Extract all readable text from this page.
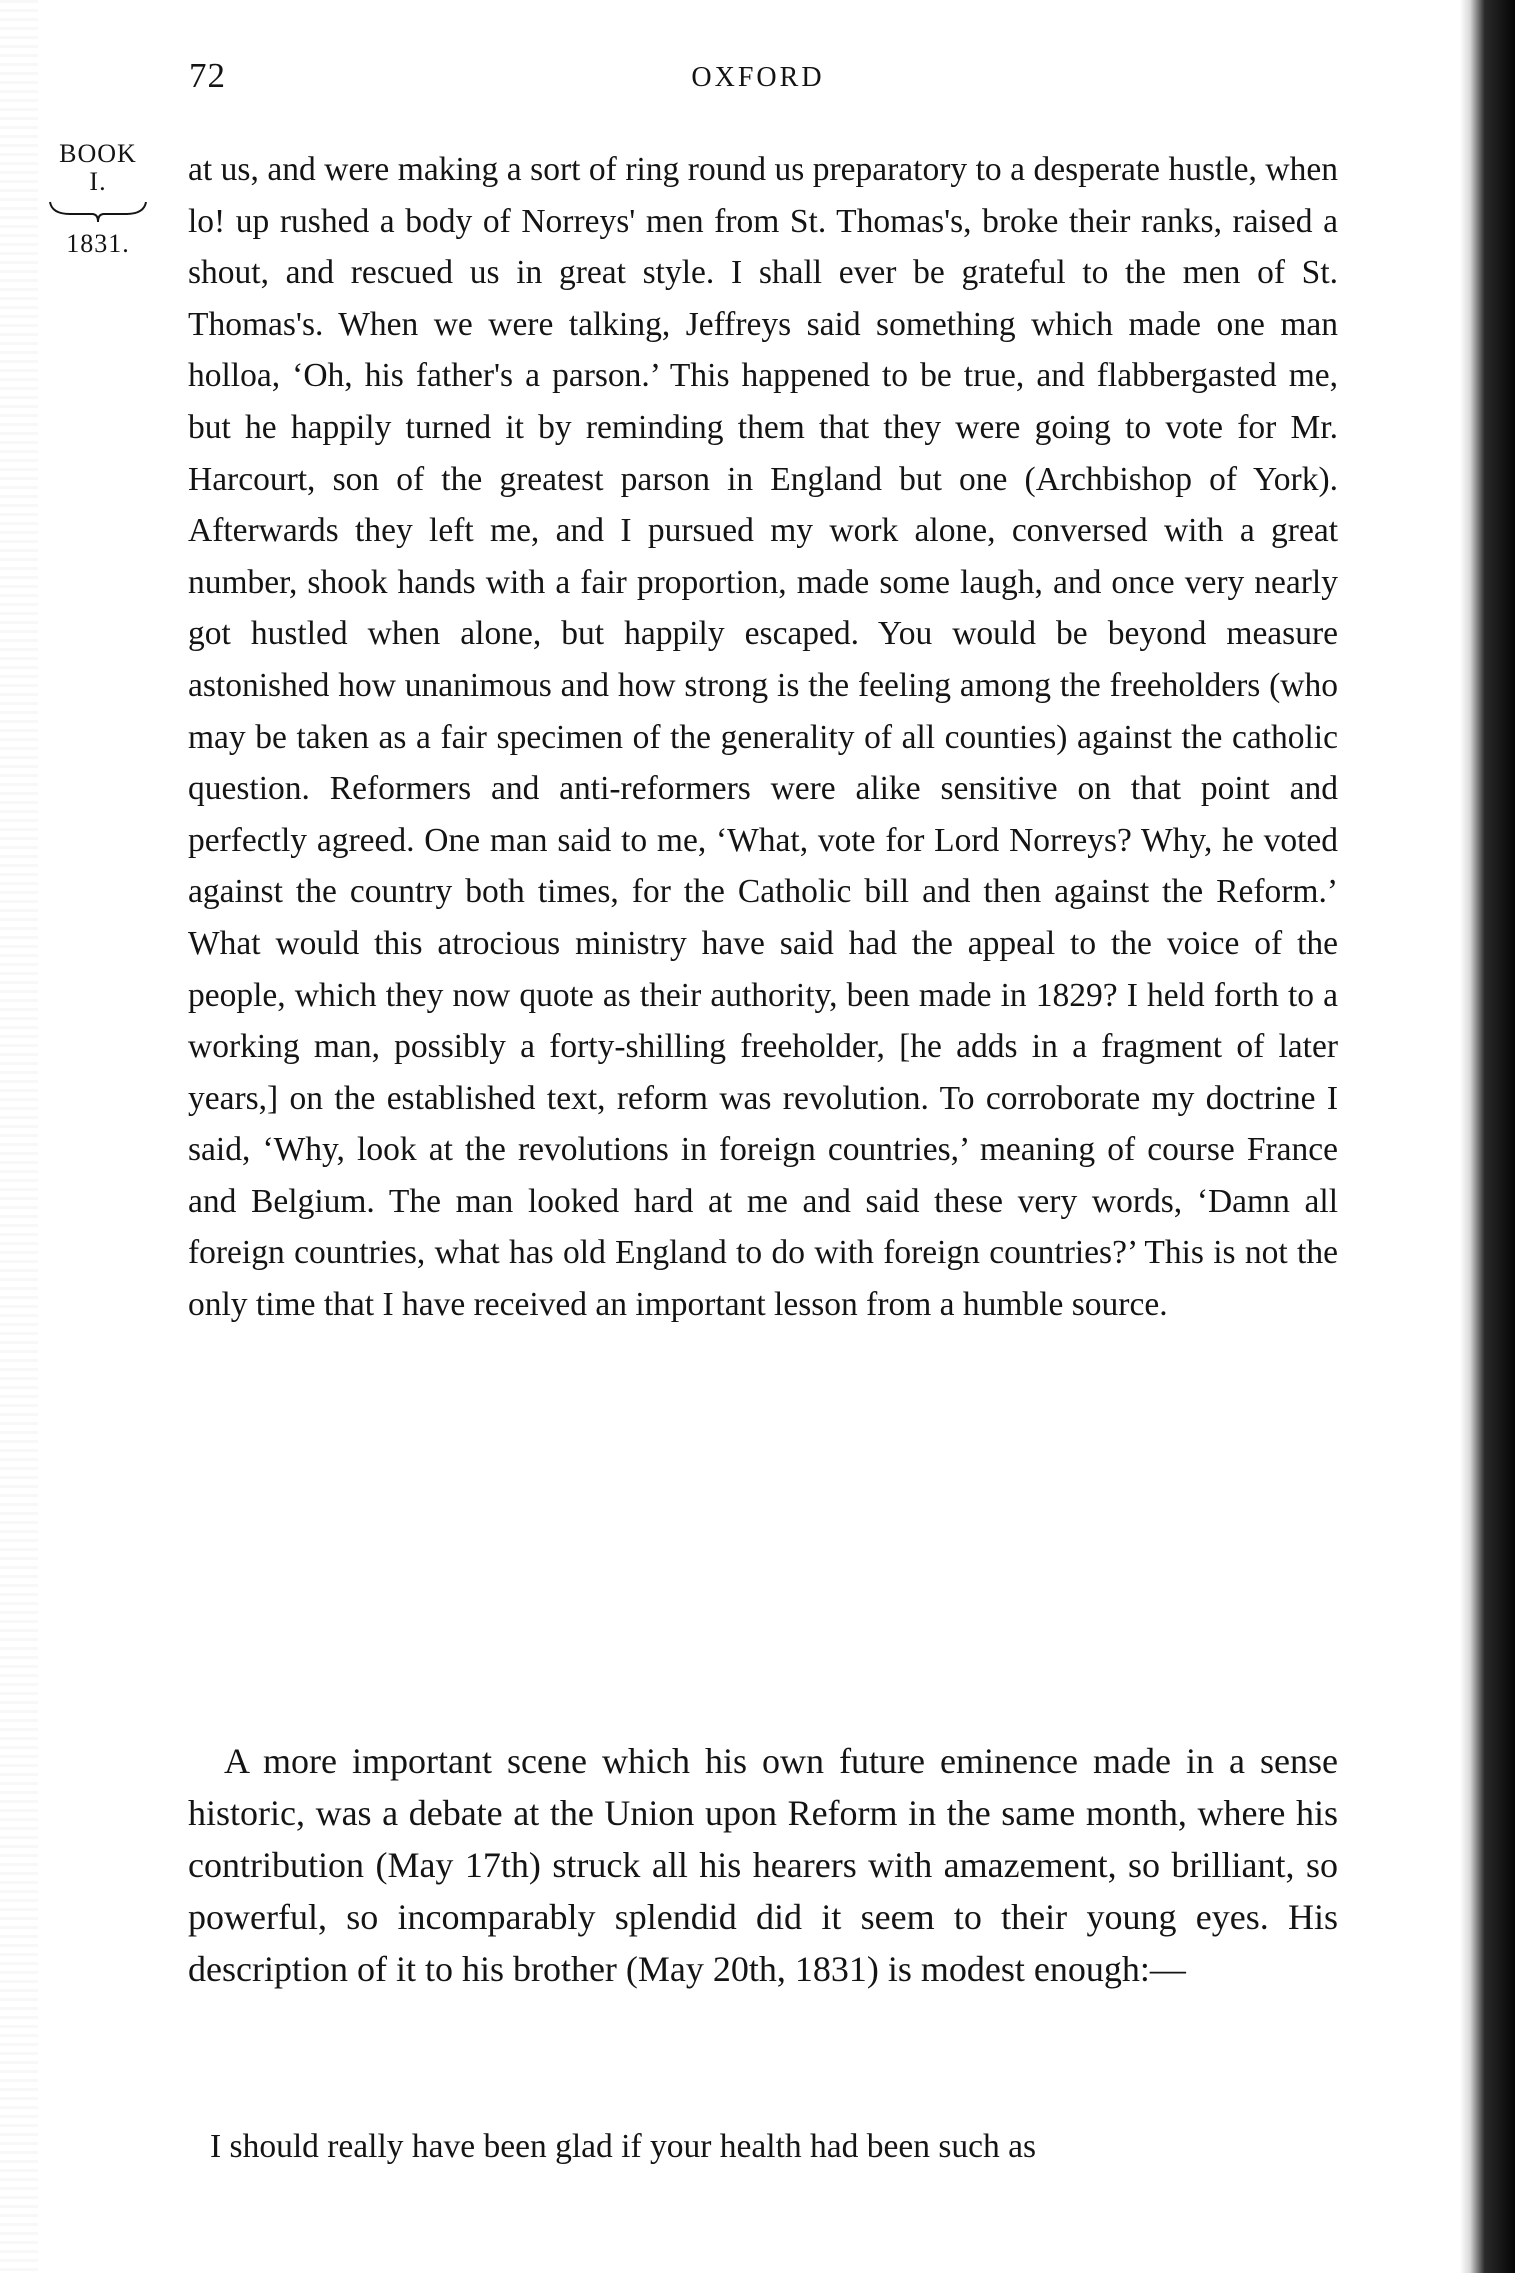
72	OXFORD
BOOK
I.
1831.

at us, and were making a sort of ring round us preparatory to a desperate hustle, when lo! up rushed a body of Norreys' men from St. Thomas's, broke their ranks, raised a shout, and rescued us in great style. I shall ever be grateful to the men of St. Thomas's. When we were talking, Jeffreys said something which made one man holloa, ‘Oh, his father's a parson.’ This happened to be true, and flabbergasted me, but he happily turned it by reminding them that they were going to vote for Mr. Harcourt, son of the greatest parson in England but one (Archbishop of York). Afterwards they left me, and I pursued my work alone, conversed with a great number, shook hands with a fair proportion, made some laugh, and once very nearly got hustled when alone, but happily escaped. You would be beyond measure astonished how unanimous and how strong is the feeling among the freeholders (who may be taken as a fair specimen of the generality of all counties) against the catholic question. Reformers and anti-reformers were alike sensitive on that point and perfectly agreed. One man said to me, ‘What, vote for Lord Norreys? Why, he voted against the country both times, for the Catholic bill and then against the Reform.’ What would this atrocious ministry have said had the appeal to the voice of the people, which they now quote as their authority, been made in 1829? I held forth to a working man, possibly a forty-shilling freeholder, [he adds in a fragment of later years,] on the established text, reform was revolution. To corroborate my doctrine I said, ‘Why, look at the revolutions in foreign countries,’ meaning of course France and Belgium. The man looked hard at me and said these very words, ‘Damn all foreign countries, what has old England to do with foreign countries?’ This is not the only time that I have received an important lesson from a humble source.

A more important scene which his own future eminence made in a sense historic, was a debate at the Union upon Reform in the same month, where his contribution (May 17th) struck all his hearers with amazement, so brilliant, so powerful, so incomparably splendid did it seem to their young eyes. His description of it to his brother (May 20th, 1831) is modest enough:—

I should really have been glad if your health had been such as
